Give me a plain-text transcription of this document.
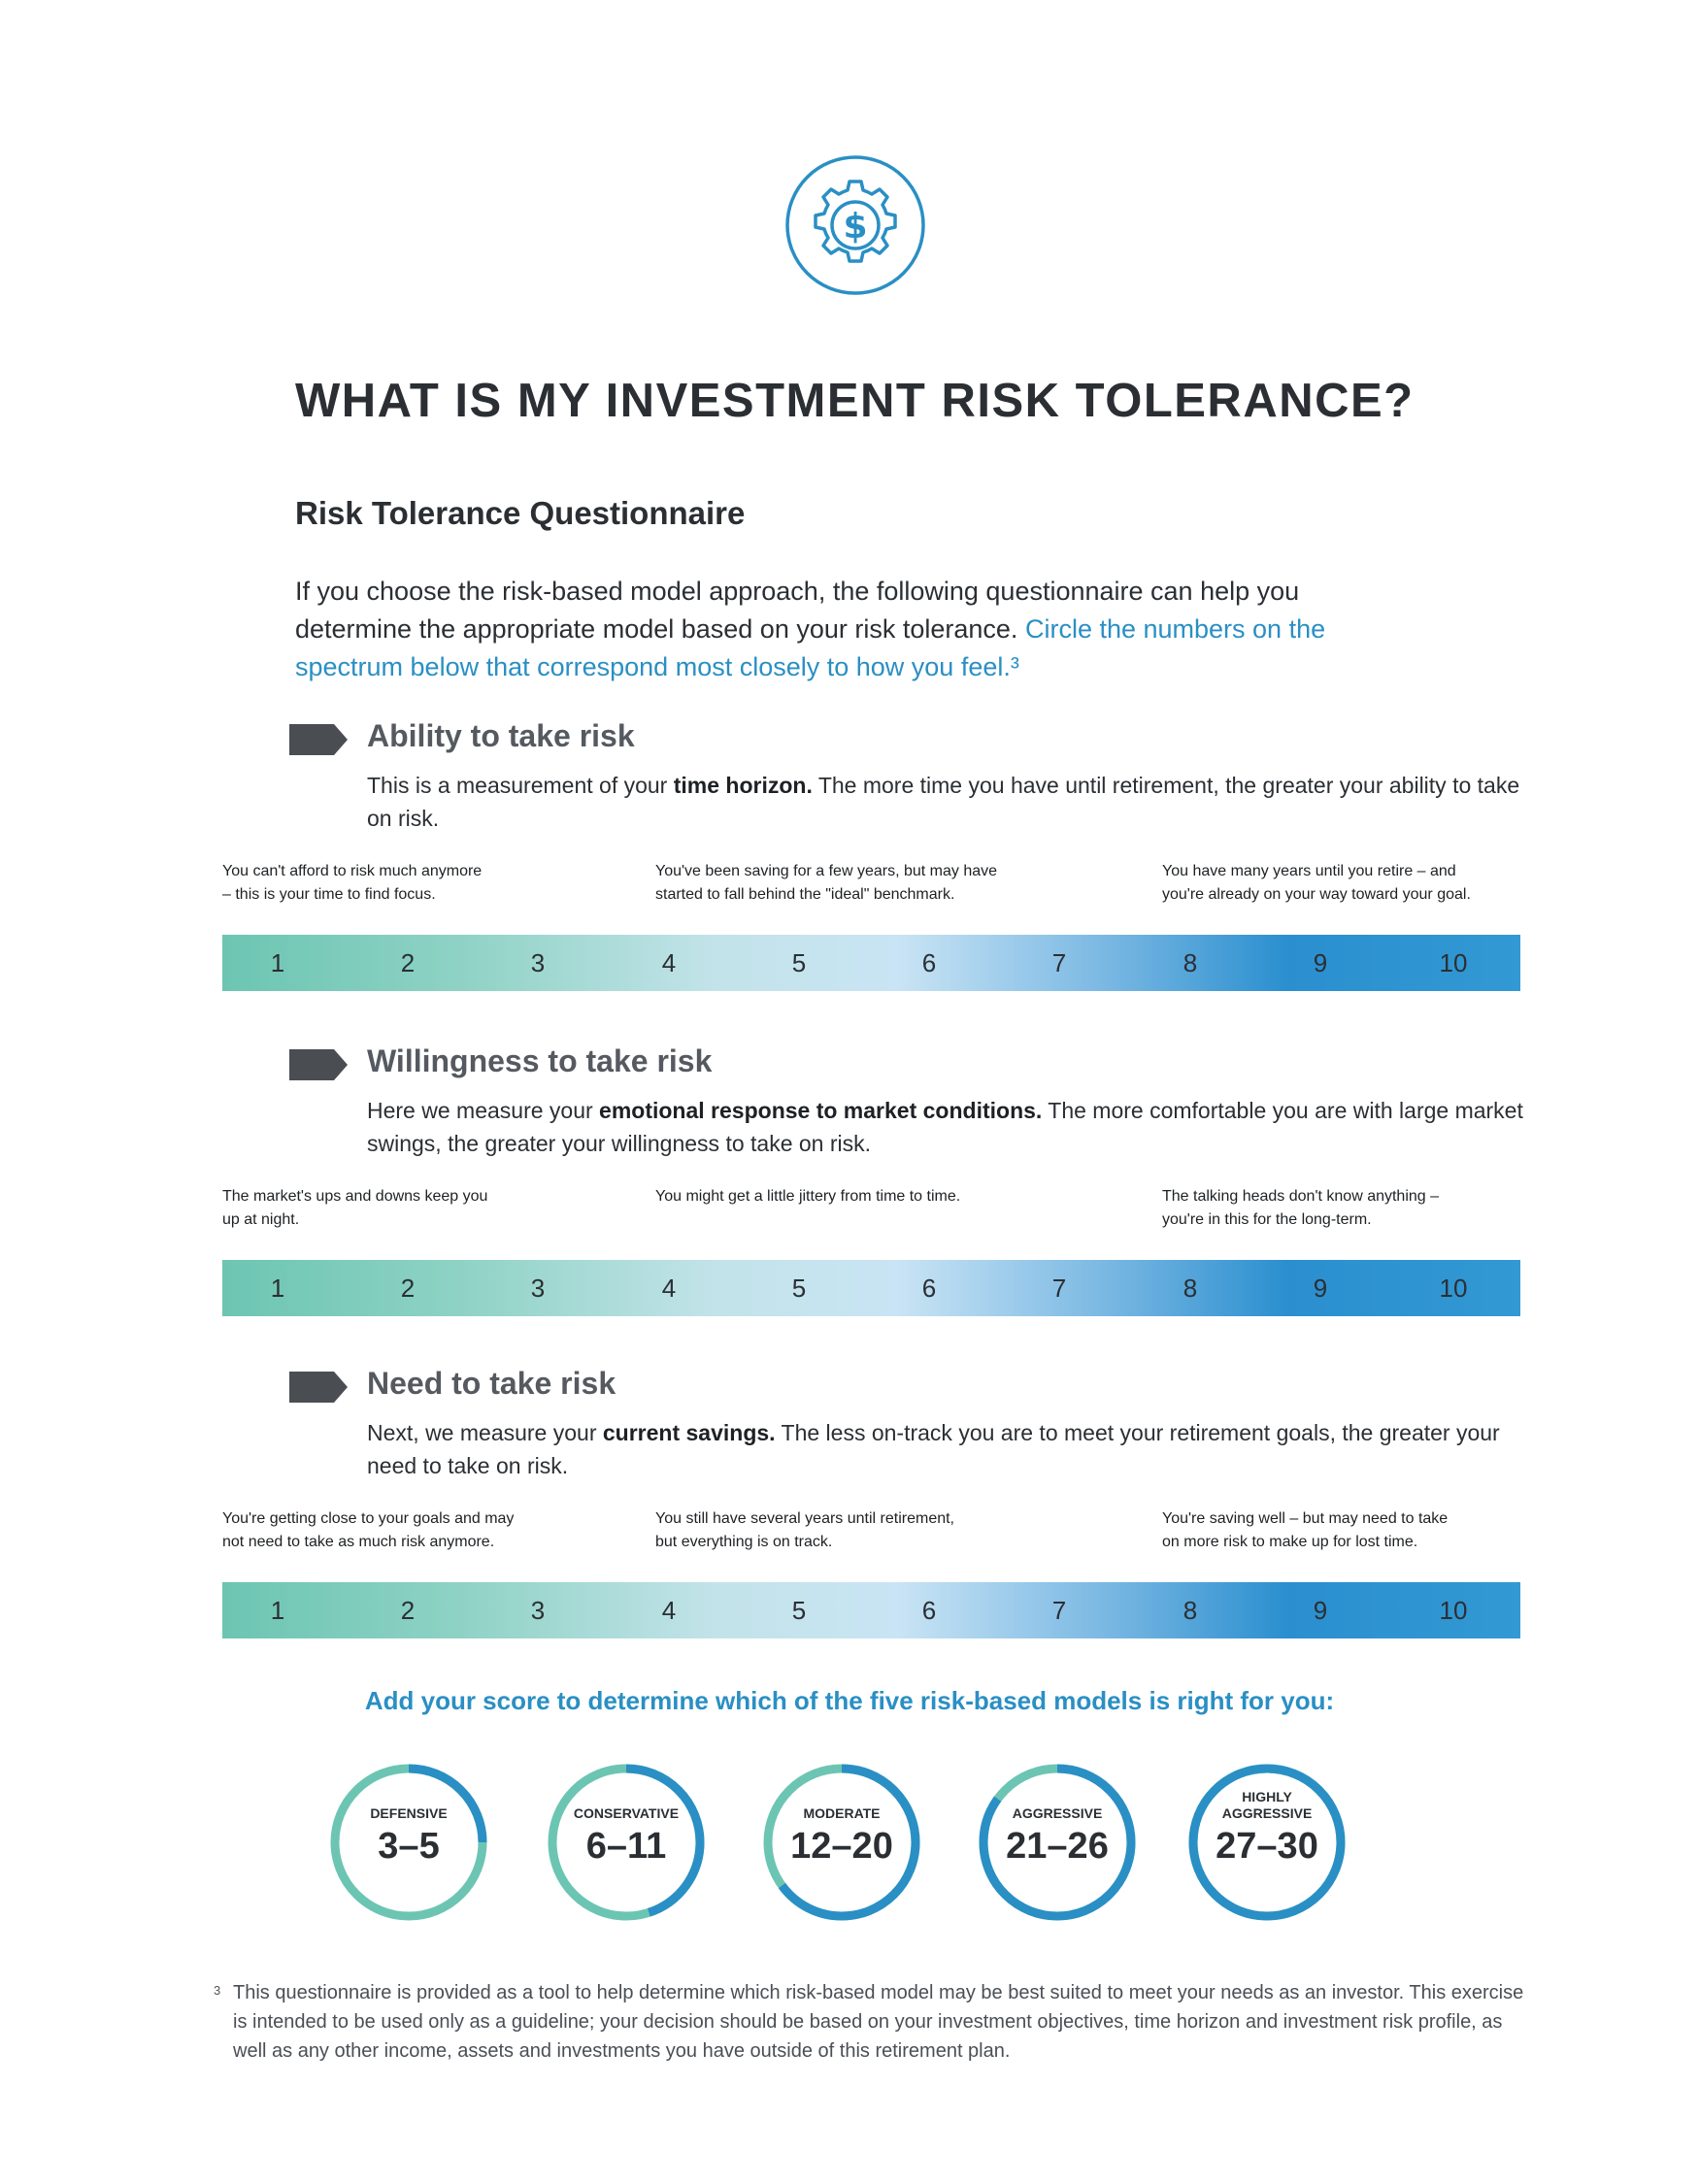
$
WHAT IS MY INVESTMENT RISK TOLERANCE?
Risk Tolerance Questionnaire
If you choose the risk-based model approach, the following questionnaire can help you determine the appropriate model based on your risk tolerance. Circle the numbers on the spectrum below that correspond most closely to how you feel.³
Ability to take risk
This is a measurement of your time horizon. The more time you have until retirement, the greater your ability to take on risk.
You can't afford to risk much anymore
– this is your time to find focus.
You've been saving for a few years, but may have
started to fall behind the "ideal" benchmark.
You have many years until you retire – and
you're already on your way toward your goal.
1	2	3	4	5	6	7	8	9	10
Willingness to take risk
Here we measure your emotional response to market conditions. The more comfortable you are with large market swings, the greater your willingness to take on risk.
The market's ups and downs keep you
up at night.
You might get a little jittery from time to time.	The talking heads don't know anything –
you're in this for the long-term.
1	2	3	4	5	6	7	8	9	10
Need to take risk
Next, we measure your current savings. The less on-track you are to meet your retirement goals, the greater your need to take on risk.
You're getting close to your goals and may
not need to take as much risk anymore.
You still have several years until retirement,
but everything is on track.
You're saving well – but may need to take
on more risk to make up for lost time.
1	2	3	4	5	6	7	8	9	10
Add your score to determine which of the five risk-based models is right for you:
DEFENSIVE
3–5
CONSERVATIVE
6–11
MODERATE
12–20
AGGRESSIVE
21–26
HIGHLY
AGGRESSIVE
27–30
3 This questionnaire is provided as a tool to help determine which risk-based model may be best suited to meet your needs as an investor. This exercise is intended to be used only as a guideline; your decision should be based on your investment objectives, time horizon and investment risk profile, as well as any other income, assets and investments you have outside of this retirement plan.
